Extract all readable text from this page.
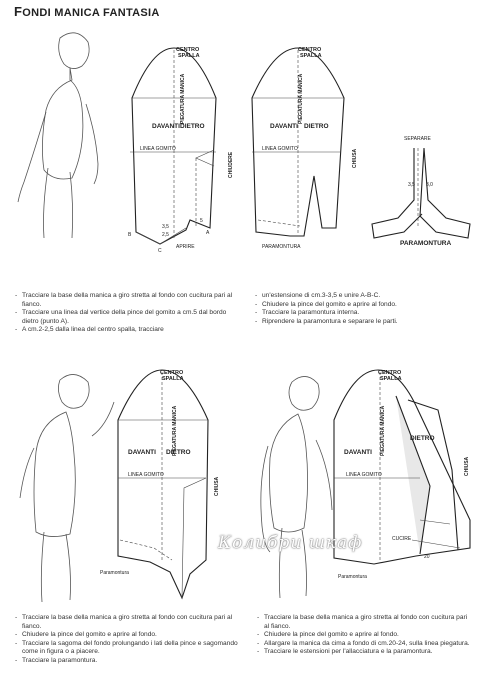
FONDI MANICA FANTASIA
CENTRO
SPALLA
CENTRO
SPALLA
CENTRO
SPALLA
CENTRO
SPALLA
DAVANTI DIETRO	DAVANTI DIETRO
DAVANTI DIETRO	DAVANTI
DIETRO
PARAMONTURA
LINEA GOMITO	LINEA GOMITO
LINEA GOMITO	LINEA GOMITO
APRIRE	PARAMONTURA
SEPARARE
Paramontura
Paramontura
CUCIRE
20
3,5 3,0
3,5
5
2,5	A
B
C
PIEGATURA MANICA	PIEGATURA MANICA
PIEGATURA MANICA	PIEGATURA MANICA
CHIUDERE	CHIUSA
CHIUSA
CHIUSA
- Tracciare la base della manica a giro stretta al fondo con cucitura pari al fianco.
- Tracciare una linea dal vertice della pince del gomito a cm.5 dal bordo dietro (punto A).
- A cm.2-2,5 dalla linea del centro spalla, tracciare
- un'estensione di cm.3-3,5 e unire A-B-C.
- Chiudere la pince del gomito e aprire al fondo.
- Tracciare la paramontura interna.
- Riprendere la paramontura e separare le parti.
- Tracciare la base della manica a giro stretta al fondo con cucitura pari al fianco.
- Chiudere la pince del gomito e aprire al fondo.
- Tracciare la sagoma del fondo prolungando i lati della pince e sagomando come in figura o a piacere.
- Tracciare la paramontura.
- Tracciare la base della manica a giro stretta al fondo con cucitura pari al fianco.
- Chiudere la pince del gomito e aprire al fondo.
- Allargare la manica da cima a fondo di cm.20-24, sulla linea piegatura.
- Tracciare le estensioni per l'allacciatura e la paramontura.
Колибри шкаф
